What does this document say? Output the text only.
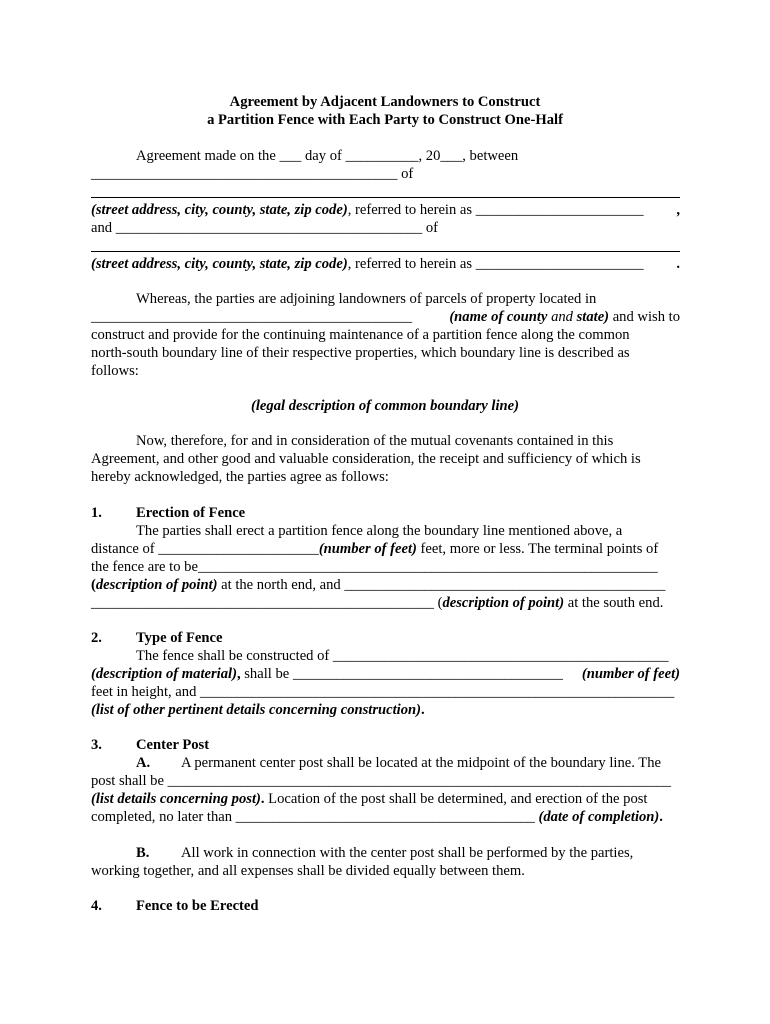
Agreement by Adjacent Landowners to Construct
a Partition Fence with Each Party to Construct One-Half
Agreement made on the ___ day of __________, 20___, between
__________________________________________ of
(street address, city, county, state, zip code), referred to herein as _______________________ ,
and __________________________________________ of
(street address, city, county, state, zip code), referred to herein as _______________________ .
Whereas, the parties are adjoining landowners of parcels of property located in
____________________________________________ (name of county and state) and wish to
construct and provide for the continuing maintenance of a partition fence along the common
north-south boundary line of their respective properties, which boundary line is described as
follows:
(legal description of common boundary line)
Now, therefore, for and in consideration of the mutual covenants contained in this
Agreement, and other good and valuable consideration, the receipt and sufficiency of which is
hereby acknowledged, the parties agree as follows:
1. Erection of Fence
The parties shall erect a partition fence along the boundary line mentioned above, a
distance of ______________________(number of feet) feet, more or less. The terminal points of
the fence are to be_______________________________________________________________
(description of point) at the north end, and ____________________________________________
_______________________________________________ (description of point) at the south end.
2. Type of Fence
The fence shall be constructed of ______________________________________________
(description of material), shall be _____________________________________ (number of feet)
feet in height, and _________________________________________________________________
(list of other pertinent details concerning construction).
3. Center Post
A. A permanent center post shall be located at the midpoint of the boundary line. The
post shall be _____________________________________________________________________
(list details concerning post). Location of the post shall be determined, and erection of the post
completed, no later than _________________________________________ (date of completion).
B. All work in connection with the center post shall be performed by the parties,
working together, and all expenses shall be divided equally between them.
4. Fence to be Erected
